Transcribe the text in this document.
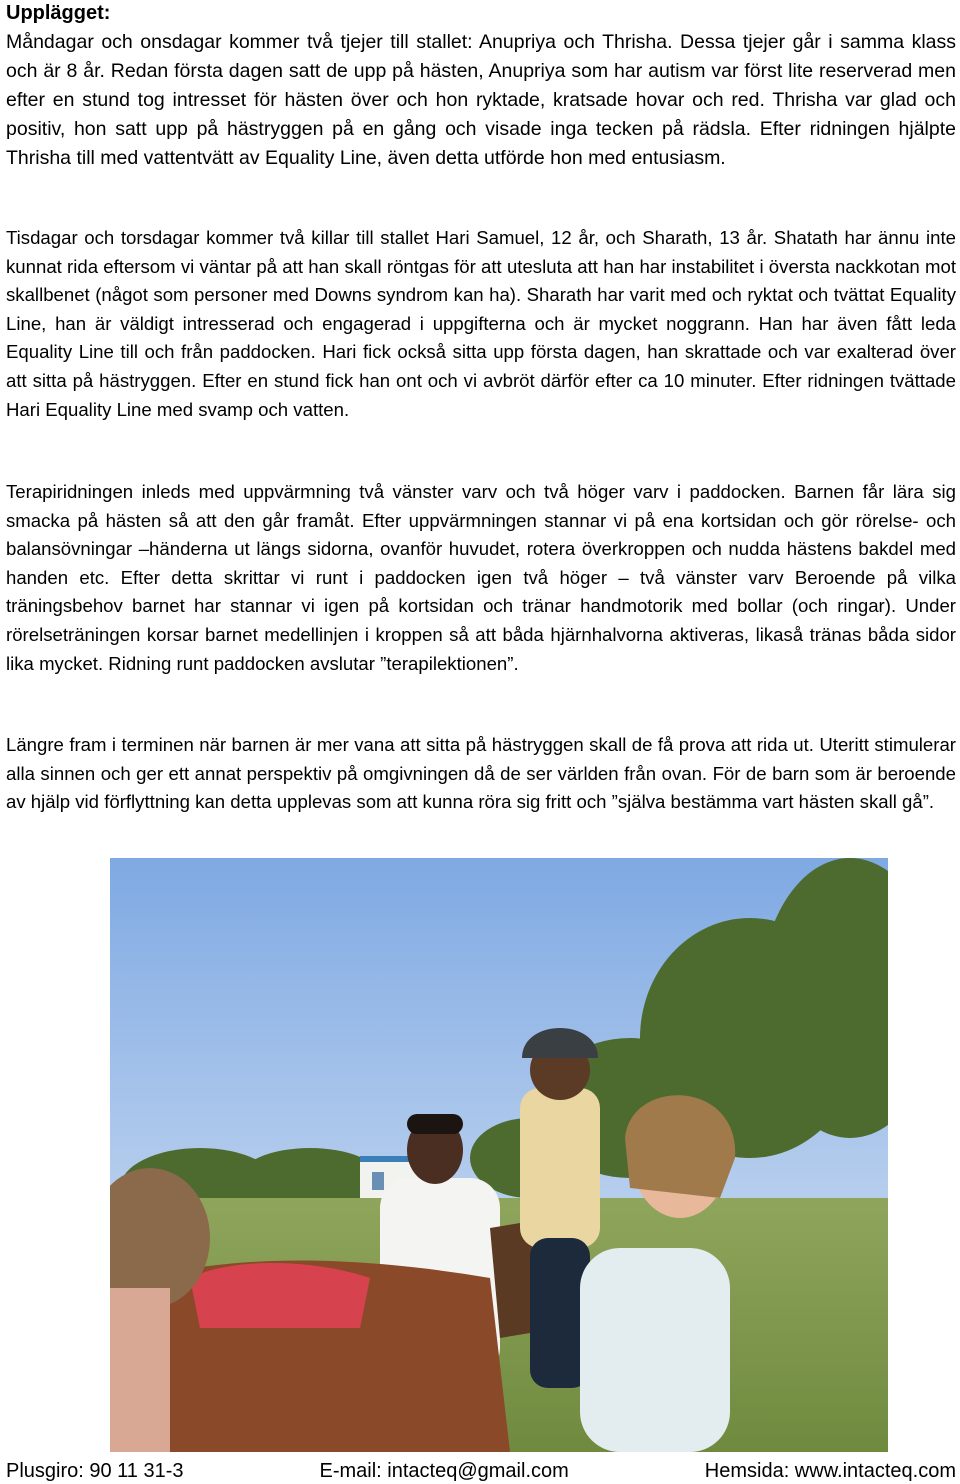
Upplägget:

Måndagar och onsdagar kommer två tjejer till stallet: Anupriya och Thrisha. Dessa tjejer går i samma klass och är 8 år. Redan första dagen satt de upp på hästen, Anupriya som har autism var först lite reserverad men efter en stund tog intresset för hästen över och hon ryktade, kratsade hovar och red. Thrisha var glad och positiv, hon satt upp på hästryggen på en gång och visade inga tecken på rädsla. Efter ridningen hjälpte Thrisha till med vattentvätt av Equality Line, även detta utförde hon med entusiasm.

Tisdagar och torsdagar kommer två killar till stallet Hari Samuel, 12 år, och Sharath, 13 år. Shatath har ännu inte kunnat rida eftersom vi väntar på att han skall röntgas för att utesluta att han har instabilitet i översta nackkotan mot skallbenet (något som personer med Downs syndrom kan ha). Sharath har varit med och ryktat och tvättat Equality Line, han är väldigt intresserad och engagerad i uppgifterna och är mycket noggrann. Han har även fått leda Equality Line till och från paddocken. Hari fick också sitta upp första dagen, han skrattade och var exalterad över att sitta på hästryggen. Efter en stund fick han ont och vi avbröt därför efter ca 10 minuter. Efter ridningen tvättade Hari Equality Line med svamp och vatten.

Terapiridningen inleds med uppvärmning två vänster varv och två höger varv i paddocken. Barnen får lära sig smacka på hästen så att den går framåt. Efter uppvärmningen stannar vi på ena kortsidan och gör rörelse- och balansövningar –händerna ut längs sidorna, ovanför huvudet, rotera överkroppen och nudda hästens bakdel med handen etc. Efter detta skrittar vi runt i paddocken igen två höger – två vänster varv Beroende på vilka träningsbehov barnet har stannar vi igen på kortsidan och tränar handmotorik med bollar (och ringar). Under rörelseträningen korsar barnet medellinjen i kroppen så att båda hjärnhalvorna aktiveras, likaså tränas båda sidor lika mycket. Ridning runt paddocken avslutar ”terapilektionen”.

Längre fram i terminen när barnen är mer vana att sitta på hästryggen skall de få prova att rida ut. Uteritt stimulerar alla sinnen och ger ett annat perspektiv på omgivningen då de ser världen från ovan. För de barn som är beroende av hjälp vid förflyttning kan detta upplevas som att kunna röra sig fritt och ”själva bestämma vart hästen skall gå”.

Plusgiro: 90 11 31-3	E-mail: intacteq@gmail.com	Hemsida: www.intacteq.com
